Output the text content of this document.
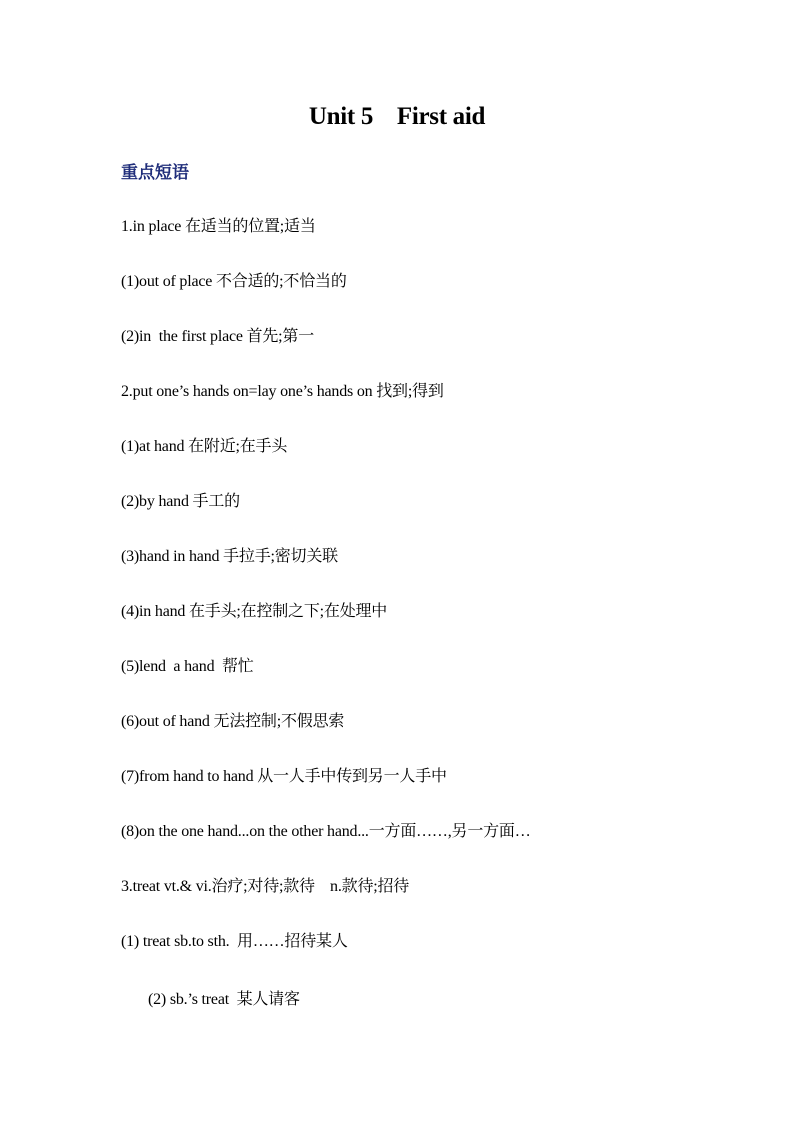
Unit 5    First aid
重点短语
1.in place 在适当的位置;适当
(1)out of place 不合适的;不恰当的
(2)in  the first place 首先;第一
2.put one’s hands on=lay one’s hands on 找到;得到
(1)at hand 在附近;在手头
(2)by hand 手工的
(3)hand in hand 手拉手;密切关联
(4)in hand 在手头;在控制之下;在处理中
(5)lend  a hand  帮忙
(6)out of hand 无法控制;不假思索
(7)from hand to hand 从一人手中传到另一人手中
(8)on the one hand...on the other hand...一方面……,另一方面…
3.treat vt.& vi.治疗;对待;款待    n.款待;招待
(1) treat sb.to sth.  用……招待某人
(2) sb.’s treat  某人请客
